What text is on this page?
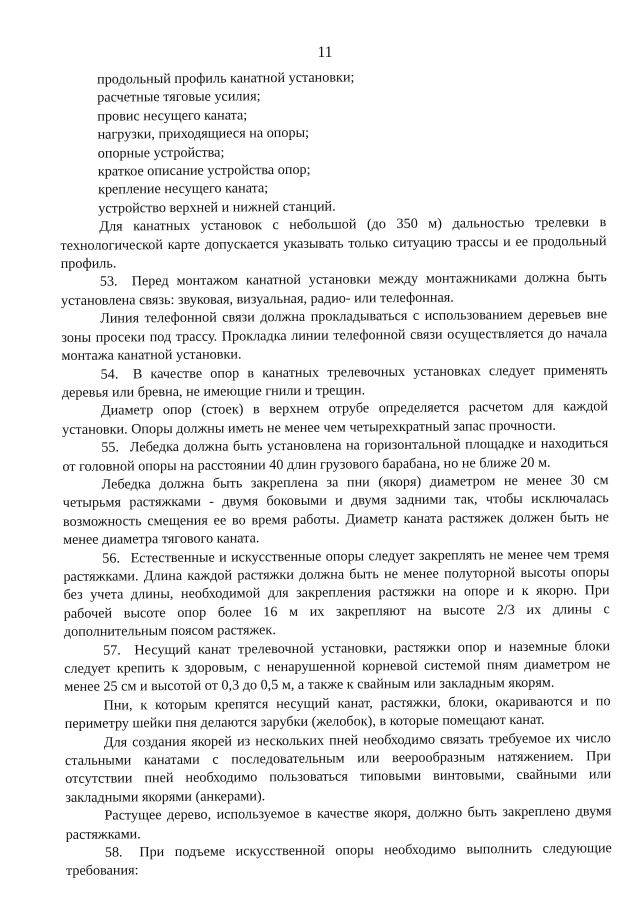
11

продольный профиль канатной установки;

расчетные тяговые усилия;

провис несущего каната;

нагрузки, приходящиеся на опоры;

опорные устройства;

краткое описание устройства опор;

крепление несущего каната;

устройство верхней и нижней станций.

Для канатных установок с небольшой (до 350 м) дальностью трелевки в технологической карте допускается указывать только ситуацию трассы и ее продольный профиль.

53. Перед монтажом канатной установки между монтажниками должна быть установлена связь: звуковая, визуальная, радио- или телефонная.

Линия телефонной связи должна прокладываться с использованием деревьев вне зоны просеки под трассу. Прокладка линии телефонной связи осуществляется до начала монтажа канатной установки.

54. В качестве опор в канатных трелевочных установках следует применять деревья или бревна, не имеющие гнили и трещин.

Диаметр опор (стоек) в верхнем отрубе определяется расчетом для каждой установки. Опоры должны иметь не менее чем четырехкратный запас прочности.

55. Лебедка должна быть установлена на горизонтальной площадке и находиться от головной опоры на расстоянии 40 длин грузового барабана, но не ближе 20 м.

Лебедка должна быть закреплена за пни (якоря) диаметром не менее 30 см четырьмя растяжками - двумя боковыми и двумя задними так, чтобы исключалась возможность смещения ее во время работы. Диаметр каната растяжек должен быть не менее диаметра тягового каната.

56. Естественные и искусственные опоры следует закреплять не менее чем тремя растяжками. Длина каждой растяжки должна быть не менее полуторной высоты опоры без учета длины, необходимой для закрепления растяжки на опоре и к якорю. При рабочей высоте опор более 16 м их закрепляют на высоте 2/3 их длины с дополнительным поясом растяжек.

57. Несущий канат трелевочной установки, растяжки опор и наземные блоки следует крепить к здоровым, с ненарушенной корневой системой пням диаметром не менее 25 см и высотой от 0,3 до 0,5 м, а также к свайным или закладным якорям.

Пни, к которым крепятся несущий канат, растяжки, блоки, окариваются и по периметру шейки пня делаются зарубки (желобок), в которые помещают канат.

Для создания якорей из нескольких пней необходимо связать требуемое их число стальными канатами с последовательным или веерообразным натяжением. При отсутствии пней необходимо пользоваться типовыми винтовыми, свайными или закладными якорями (анкерами).

Растущее дерево, используемое в качестве якоря, должно быть закреплено двумя растяжками.

58. При подъеме искусственной опоры необходимо выполнить следующие требования:
